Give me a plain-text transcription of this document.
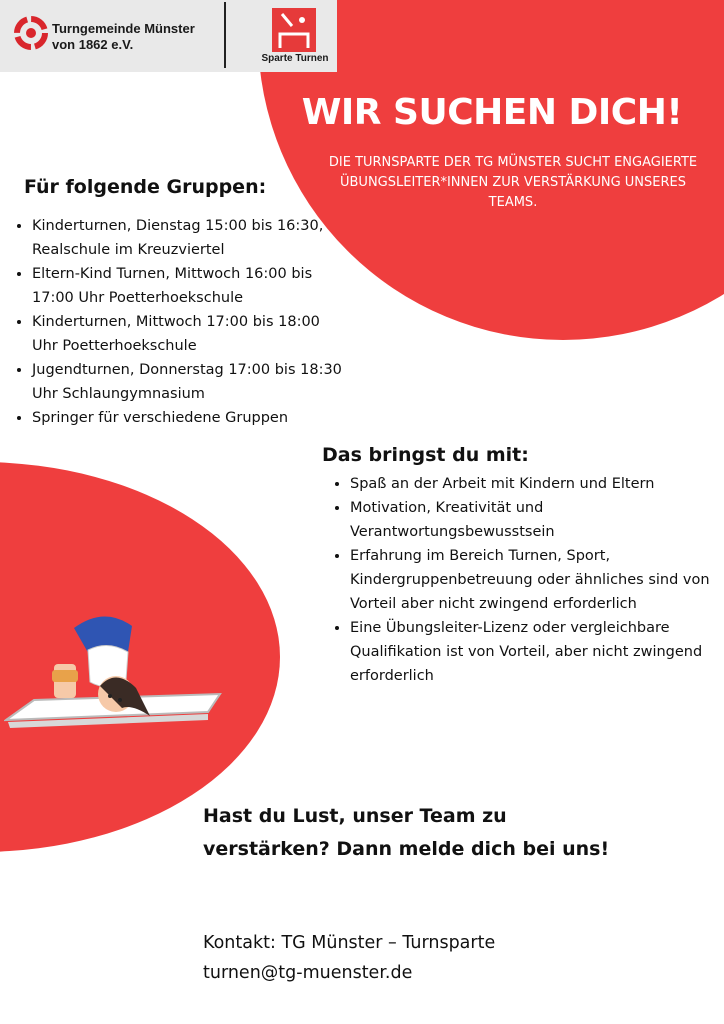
Turngemeinde Münster
von 1862 e.V.
Sparte Turnen
WIR SUCHEN DICH!
DIE TURNSPARTE DER TG MÜNSTER SUCHT ENGAGIERTE ÜBUNGSLEITER*INNEN ZUR VERSTÄRKUNG UNSERES TEAMS.
Für folgende Gruppen:
• Kinderturnen, Dienstag 15:00 bis 16:30, Realschule im Kreuzviertel
• Eltern-Kind Turnen, Mittwoch 16:00 bis 17:00 Uhr Poetterhoekschule
• Kinderturnen, Mittwoch 17:00 bis 18:00 Uhr Poetterhoekschule
• Jugendturnen, Donnerstag 17:00 bis 18:30 Uhr Schlaungymnasium
• Springer für verschiedene Gruppen
Das bringst du mit:
• Spaß an der Arbeit mit Kindern und Eltern
• Motivation, Kreativität und Verantwortungsbewusstsein
• Erfahrung im Bereich Turnen, Sport, Kindergruppenbetreuung oder ähnliches sind von Vorteil aber nicht zwingend erforderlich
• Eine Übungsleiter-Lizenz oder vergleichbare Qualifikation ist von Vorteil, aber nicht zwingend erforderlich
Hast du Lust, unser Team zu verstärken? Dann melde dich bei uns!
Kontakt: TG Münster – Turnsparte
turnen@tg-muenster.de
